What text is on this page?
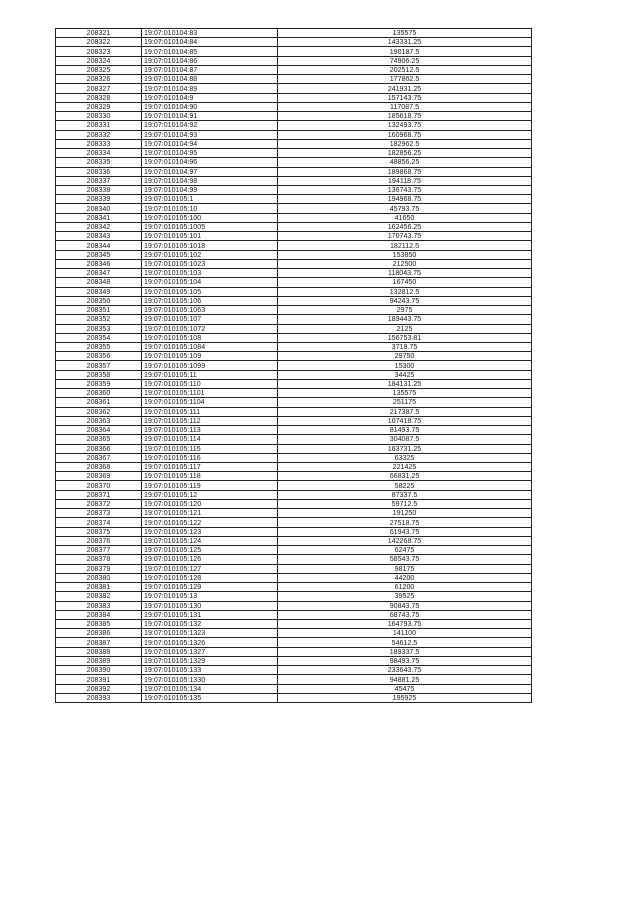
208321	19:07:010104:83	135575
208322	19:07:010104:84	143331.25
208323	19:07:010104:85	190187.5
208324	19:07:010104:86	74906.25
208325	19:07:010104:87	202512.5
208326	19:07:010104:88	177862.5
208327	19:07:010104:89	241931.25
208328	19:07:010104:9	157143.75
208329	19:07:010104:90	117087.5
208330	19:07:010104:91	185618.75
208331	19:07:010104:92	132493.75
208332	19:07:010104:93	160968.75
208333	19:07:010104:94	182962.5
208334	19:07:010104:95	182856.25
208335	19:07:010104:96	48856.25
208336	19:07:010104:97	189868.75
208337	19:07:010104:98	194118.75
208338	19:07:010104:99	136743.75
208339	19:07:010105:1	194968.75
208340	19:07:010105:10	45793.75
208341	19:07:010105:100	41650
208342	19:07:010105:1005	162456.25
208343	19:07:010105:101	170743.75
208344	19:07:010105:1018	182112.5
208345	19:07:010105:102	153850
208346	19:07:010105:1023	212500
208347	19:07:010105:103	118043.75
208348	19:07:010105:104	167450
208349	19:07:010105:105	132812.5
208350	19:07:010105:106	94243.75
208351	19:07:010105:1063	2975
208352	19:07:010105:107	189443.75
208353	19:07:010105:1072	2125
208354	19:07:010105:108	156753.81
208355	19:07:010105:1084	3718.75
208356	19:07:010105:109	29750
208357	19:07:010105:1099	15300
208358	19:07:010105:11	34425
208359	19:07:010105:110	184131.25
208360	19:07:010105:1101	135575
208361	19:07:010105:1104	251175
208362	19:07:010105:111	217387.5
208363	19:07:010105:112	107418.75
208364	19:07:010105:113	81493.75
208365	19:07:010105:114	304087.5
208366	19:07:010105:115	163731.25
208367	19:07:010105:116	63325
208368	19:07:010105:117	221425
208369	19:07:010105:118	66831.25
208370	19:07:010105:119	58225
208371	19:07:010105:12	87337.5
208372	19:07:010105:120	59712.5
208373	19:07:010105:121	191250
208374	19:07:010105:122	27518.75
208375	19:07:010105:123	61943.75
208376	19:07:010105:124	142268.75
208377	19:07:010105:125	62475
208378	19:07:010105:126	58543.75
208379	19:07:010105:127	98175
208380	19:07:010105:128	44200
208381	19:07:010105:129	61200
208382	19:07:010105:13	39525
208383	19:07:010105:130	90843.75
208384	19:07:010105:131	68743.75
208385	19:07:010105:132	164793.75
208386	19:07:010105:1323	141100
208387	19:07:010105:1326	54612.5
208388	19:07:010105:1327	189337.5
208389	19:07:010105:1329	98493.75
208390	19:07:010105:133	233643.75
208391	19:07:010105:1330	94881.25
208392	19:07:010105:134	45475
208393	19:07:010105:135	195925
